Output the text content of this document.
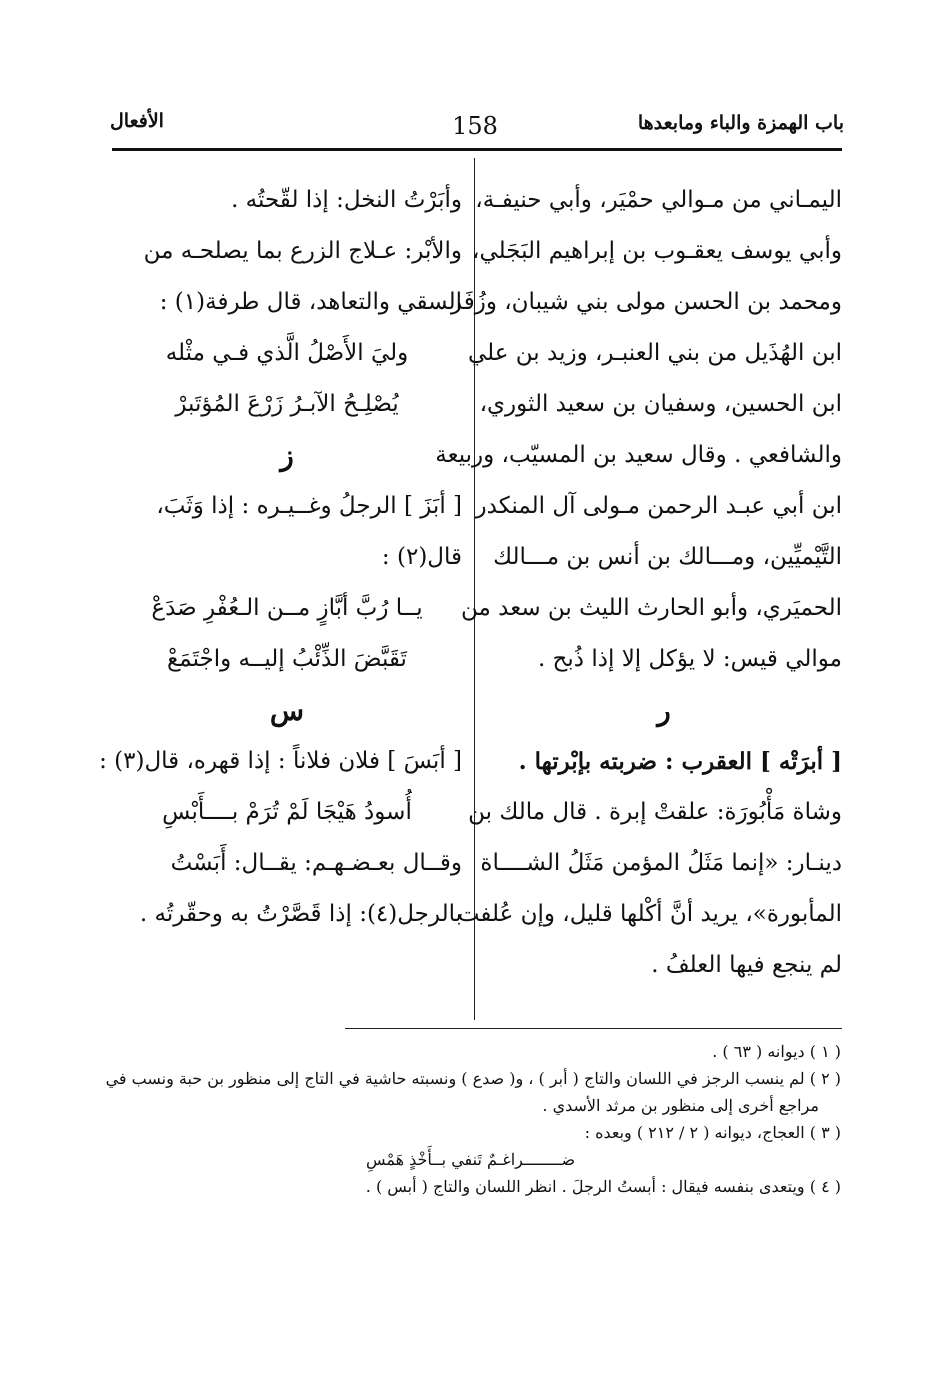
باب الهمزة والباء ومابعدها
158
الأفعال
اليمـاني من مـوالي حمْيَر، وأبي حنيفـة،
وأبي يوسف يعقـوب بن إبراهيم البَجَلي،
ومحمد بن الحسن مولى بني شيبان، وزُفَر
ابن الهُذَيل من بني العنبـر، وزيد بن علي
ابن الحسين، وسفيان بن سعيد الثوري،
والشافعي . وقال سعيد بن المسيّب، وربيعة
ابن أبي عبـد الرحمن مـولى آل المنكدر
التَّيْميِّين، ومـــالك بن أنس بن مـــالك
الحميَري، وأبو الحارث الليث بن سعد من
موالي قيس: لا يؤكل إلا إذا ذُبح .
ر
[ أبرَتْه ] العقرب : ضربته بإبْرتها .
وشاة مَأْبُورَة: علقتْ إبرة . قال مالك بن
دينـار: «إنما مَثَلُ المؤمن مَثَلُ الشــــاة
المأبورة»، يريد أنَّ أكْلها قليل، وإن عُلفت
لم ينجع فيها العلفُ .
وأبَرْتُ النخل: إذا لقّحتُه .
والأبْر: عـلاج الزرع بما يصلحـه من
السقي والتعاهد، قال طرفة(١) :
وليَ الأَصْلُ الَّذي فـي مثْله
يُصْلِـحُ الآبـرُ زَرْعَ المُؤتَبرْ
ز
[ أبَزَ ] الرجلُ وغــيـره : إذا وَثَبَ،
قال(٢) :
يــا رُبَّ أبَّازٍ مــن الـعُفْرِ صَدَعْ
تَقَبَّضَ الذِّئْبُ إليــه واجْتَمَعْ
س
[ أبَسَ ] فلان فلاناً : إذا قهره، قال(٣) :
أُسودُ هَيْجَا لَمْ تُرَمْ بــــأَبْسِ
وقــال بعـضـهـم: يقــال: أَبَسْتُ
بالرجل(٤): إذا قَصَّرْتُ به وحقّرتُه .
( ١ ) ديوانه ( ٦٣ ) .
( ٢ ) لم ينسب الرجز في اللسان والتاج ( أبر ) ، و( صدع ) ونسبته حاشية في التاج إلى منظور بن حبة ونسب في
مراجع أخرى إلى منظور بن مرثد الأسدي .
( ٣ ) العجاج، ديوانه ( ٢ / ٢١٢ ) وبعده :
ضــــــــراغـمٌ تَنفي بــأَخْذٍ هَمْسِ
( ٤ ) ويتعدى بنفسه فيقال : أبستُ الرجلَ . انظر اللسان والتاج ( أبس ) .
